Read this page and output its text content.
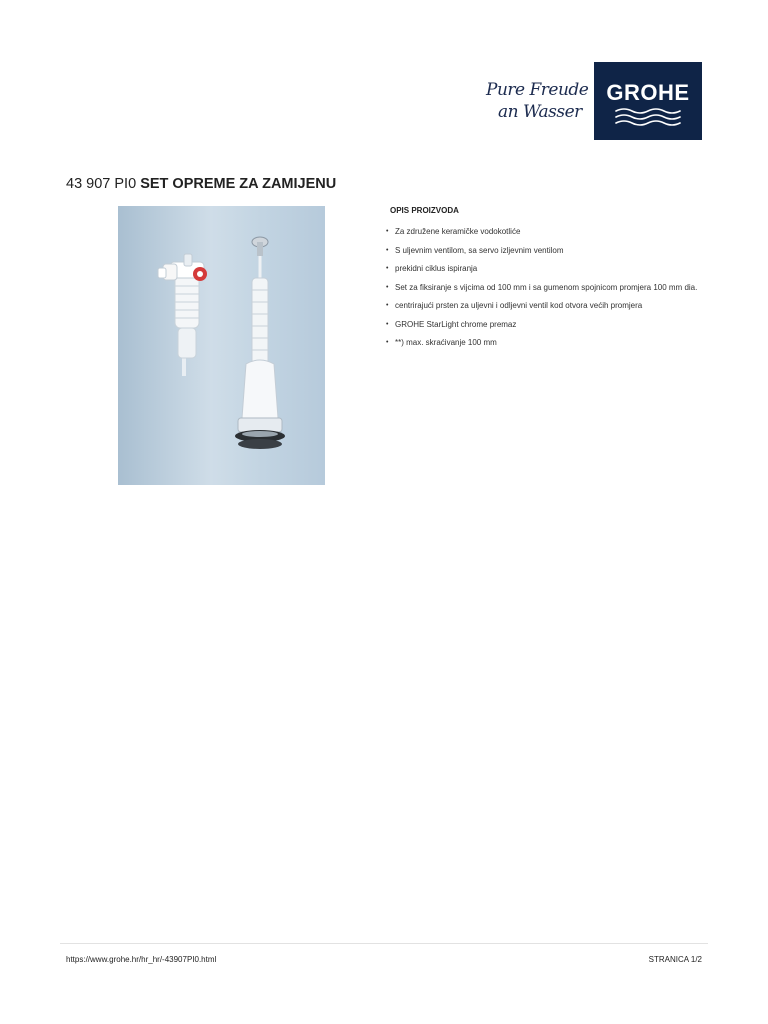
Pure Freude
an Wasser
GROHE
43 907 PI0 SET OPREME ZA ZAMIJENU
OPIS PROIZVODA
• Za združene keramičke vodokotliće
• S uljevnim ventilom, sa servo izljevnim ventilom
• prekidni ciklus ispiranja
• Set za fiksiranje s vijcima od 100 mm i sa gumenom spojnicom promjera 100 mm dia.
• centrirajući prsten za uljevni i odljevni ventil kod otvora većih promjera
• GROHE StarLight chrome premaz
• **) max. skraćivanje 100 mm
https://www.grohe.hr/hr_hr/-43907PI0.html	STRANICA 1/2
